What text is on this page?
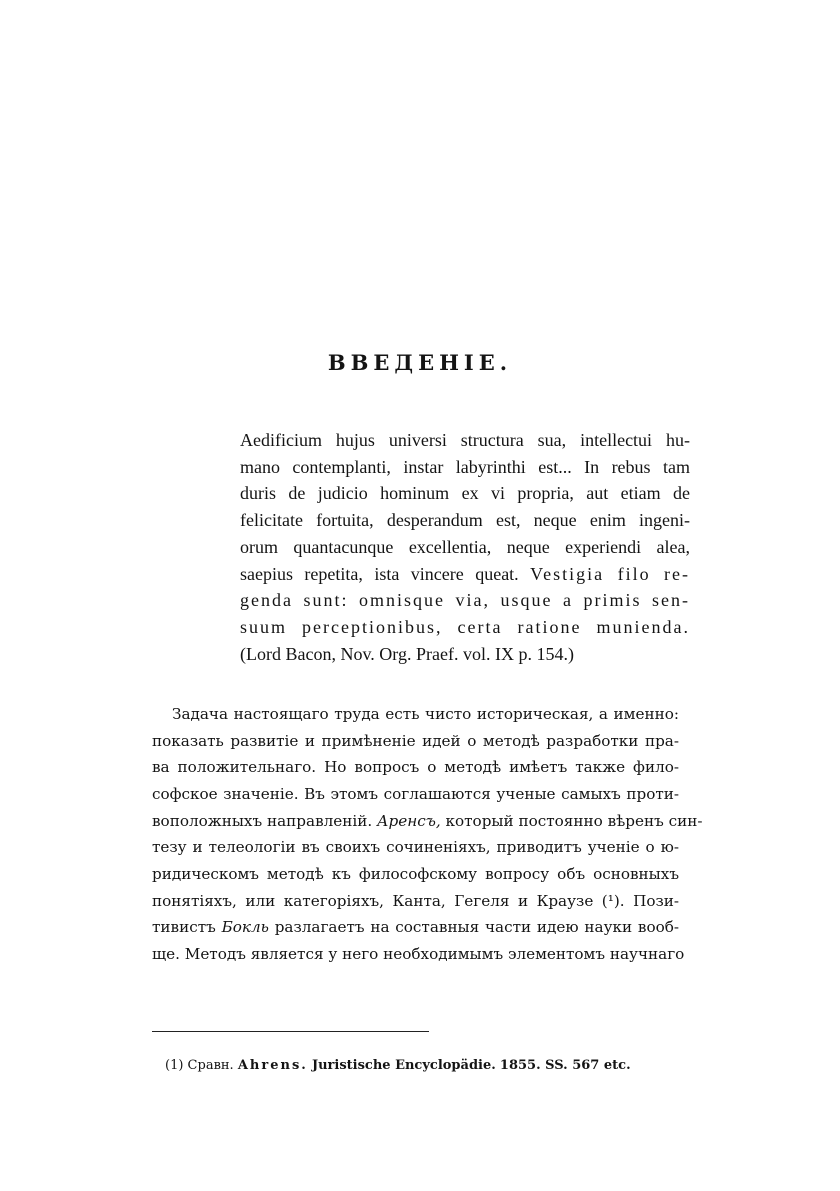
ВВЕДЕНІЕ.
Aedificium hujus universi structura sua, intellectui hu-
mano contemplanti, instar labyrinthi est... In rebus tam
duris de judicio hominum ex vi propria, aut etiam de
felicitate fortuita, desperandum est, neque enim ingeni-
orum quantacunque excellentia, neque experiendi alea,
saepius repetita, ista vincere queat. Vestigia filo re-
genda sunt: omnisque via, usque a primis sen-
suum perceptionibus, certa ratione munienda.
(Lord Bacon, Nov. Org. Praef. vol. IX p. 154.)
Задача настоящаго труда есть чисто историческая, а именно:
показать развитіе и примѣненіе идей о методѣ разработки пра-
ва положительнаго. Но вопросъ о методѣ имѣетъ также фило-
софское значеніе. Въ этомъ соглашаются ученые самыхъ проти-
воположныхъ направленій. Аренсъ, который постоянно вѣренъ син-
тезу и телеологіи въ своихъ сочиненіяхъ, приводитъ ученіе о ю-
ридическомъ методѣ къ философскому вопросу объ основныхъ
понятіяхъ, или категоріяхъ, Канта, Гегеля и Краузе (¹). Пози-
тивистъ Бокль разлагаетъ на составныя части идею науки вооб-
ще. Методъ является у него необходимымъ элементомъ научнаго
(1) Сравн. Ahrens. Juristische Encyclopädie. 1855. SS. 567 etc.
